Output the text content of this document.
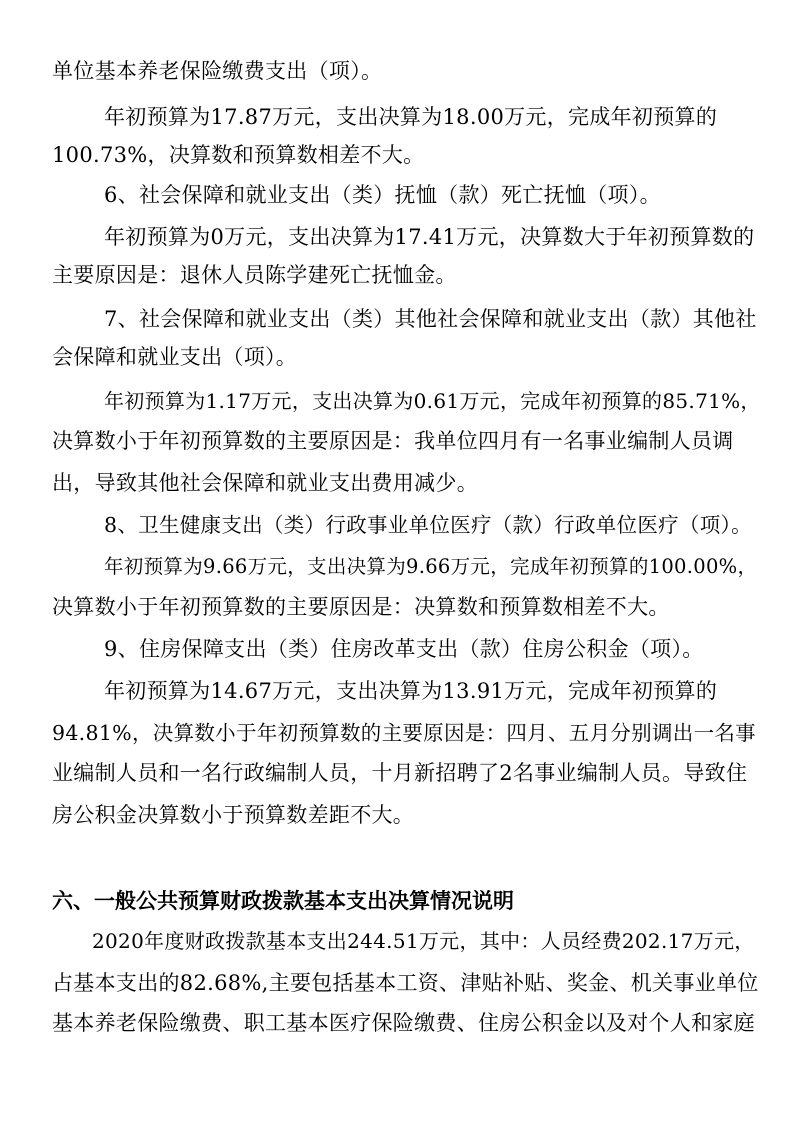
单位基本养老保险缴费支出（项）。
年初预算为17.87万元，支出决算为18.00万元，完成年初预算的
100.73%，决算数和预算数相差不大。
6、社会保障和就业支出（类）抚恤（款）死亡抚恤（项）。
年初预算为0万元，支出决算为17.41万元，决算数大于年初预算数的
主要原因是：退休人员陈学建死亡抚恤金。
7、社会保障和就业支出（类）其他社会保障和就业支出（款）其他社
会保障和就业支出（项）。
年初预算为1.17万元，支出决算为0.61万元，完成年初预算的85.71%，
决算数小于年初预算数的主要原因是：我单位四月有一名事业编制人员调
出，导致其他社会保障和就业支出费用减少。
8、卫生健康支出（类）行政事业单位医疗（款）行政单位医疗（项）。
年初预算为9.66万元，支出决算为9.66万元，完成年初预算的100.00%，
决算数小于年初预算数的主要原因是：决算数和预算数相差不大。
9、住房保障支出（类）住房改革支出（款）住房公积金（项）。
年初预算为14.67万元，支出决算为13.91万元，完成年初预算的
94.81%，决算数小于年初预算数的主要原因是：四月、五月分别调出一名事
业编制人员和一名行政编制人员，十月新招聘了2名事业编制人员。导致住
房公积金决算数小于预算数差距不大。
六、一般公共预算财政拨款基本支出决算情况说明
2020年度财政拨款基本支出244.51万元，其中：人员经费202.17万元，
占基本支出的82.68%,主要包括基本工资、津贴补贴、奖金、机关事业单位
基本养老保险缴费、职工基本医疗保险缴费、住房公积金以及对个人和家庭
